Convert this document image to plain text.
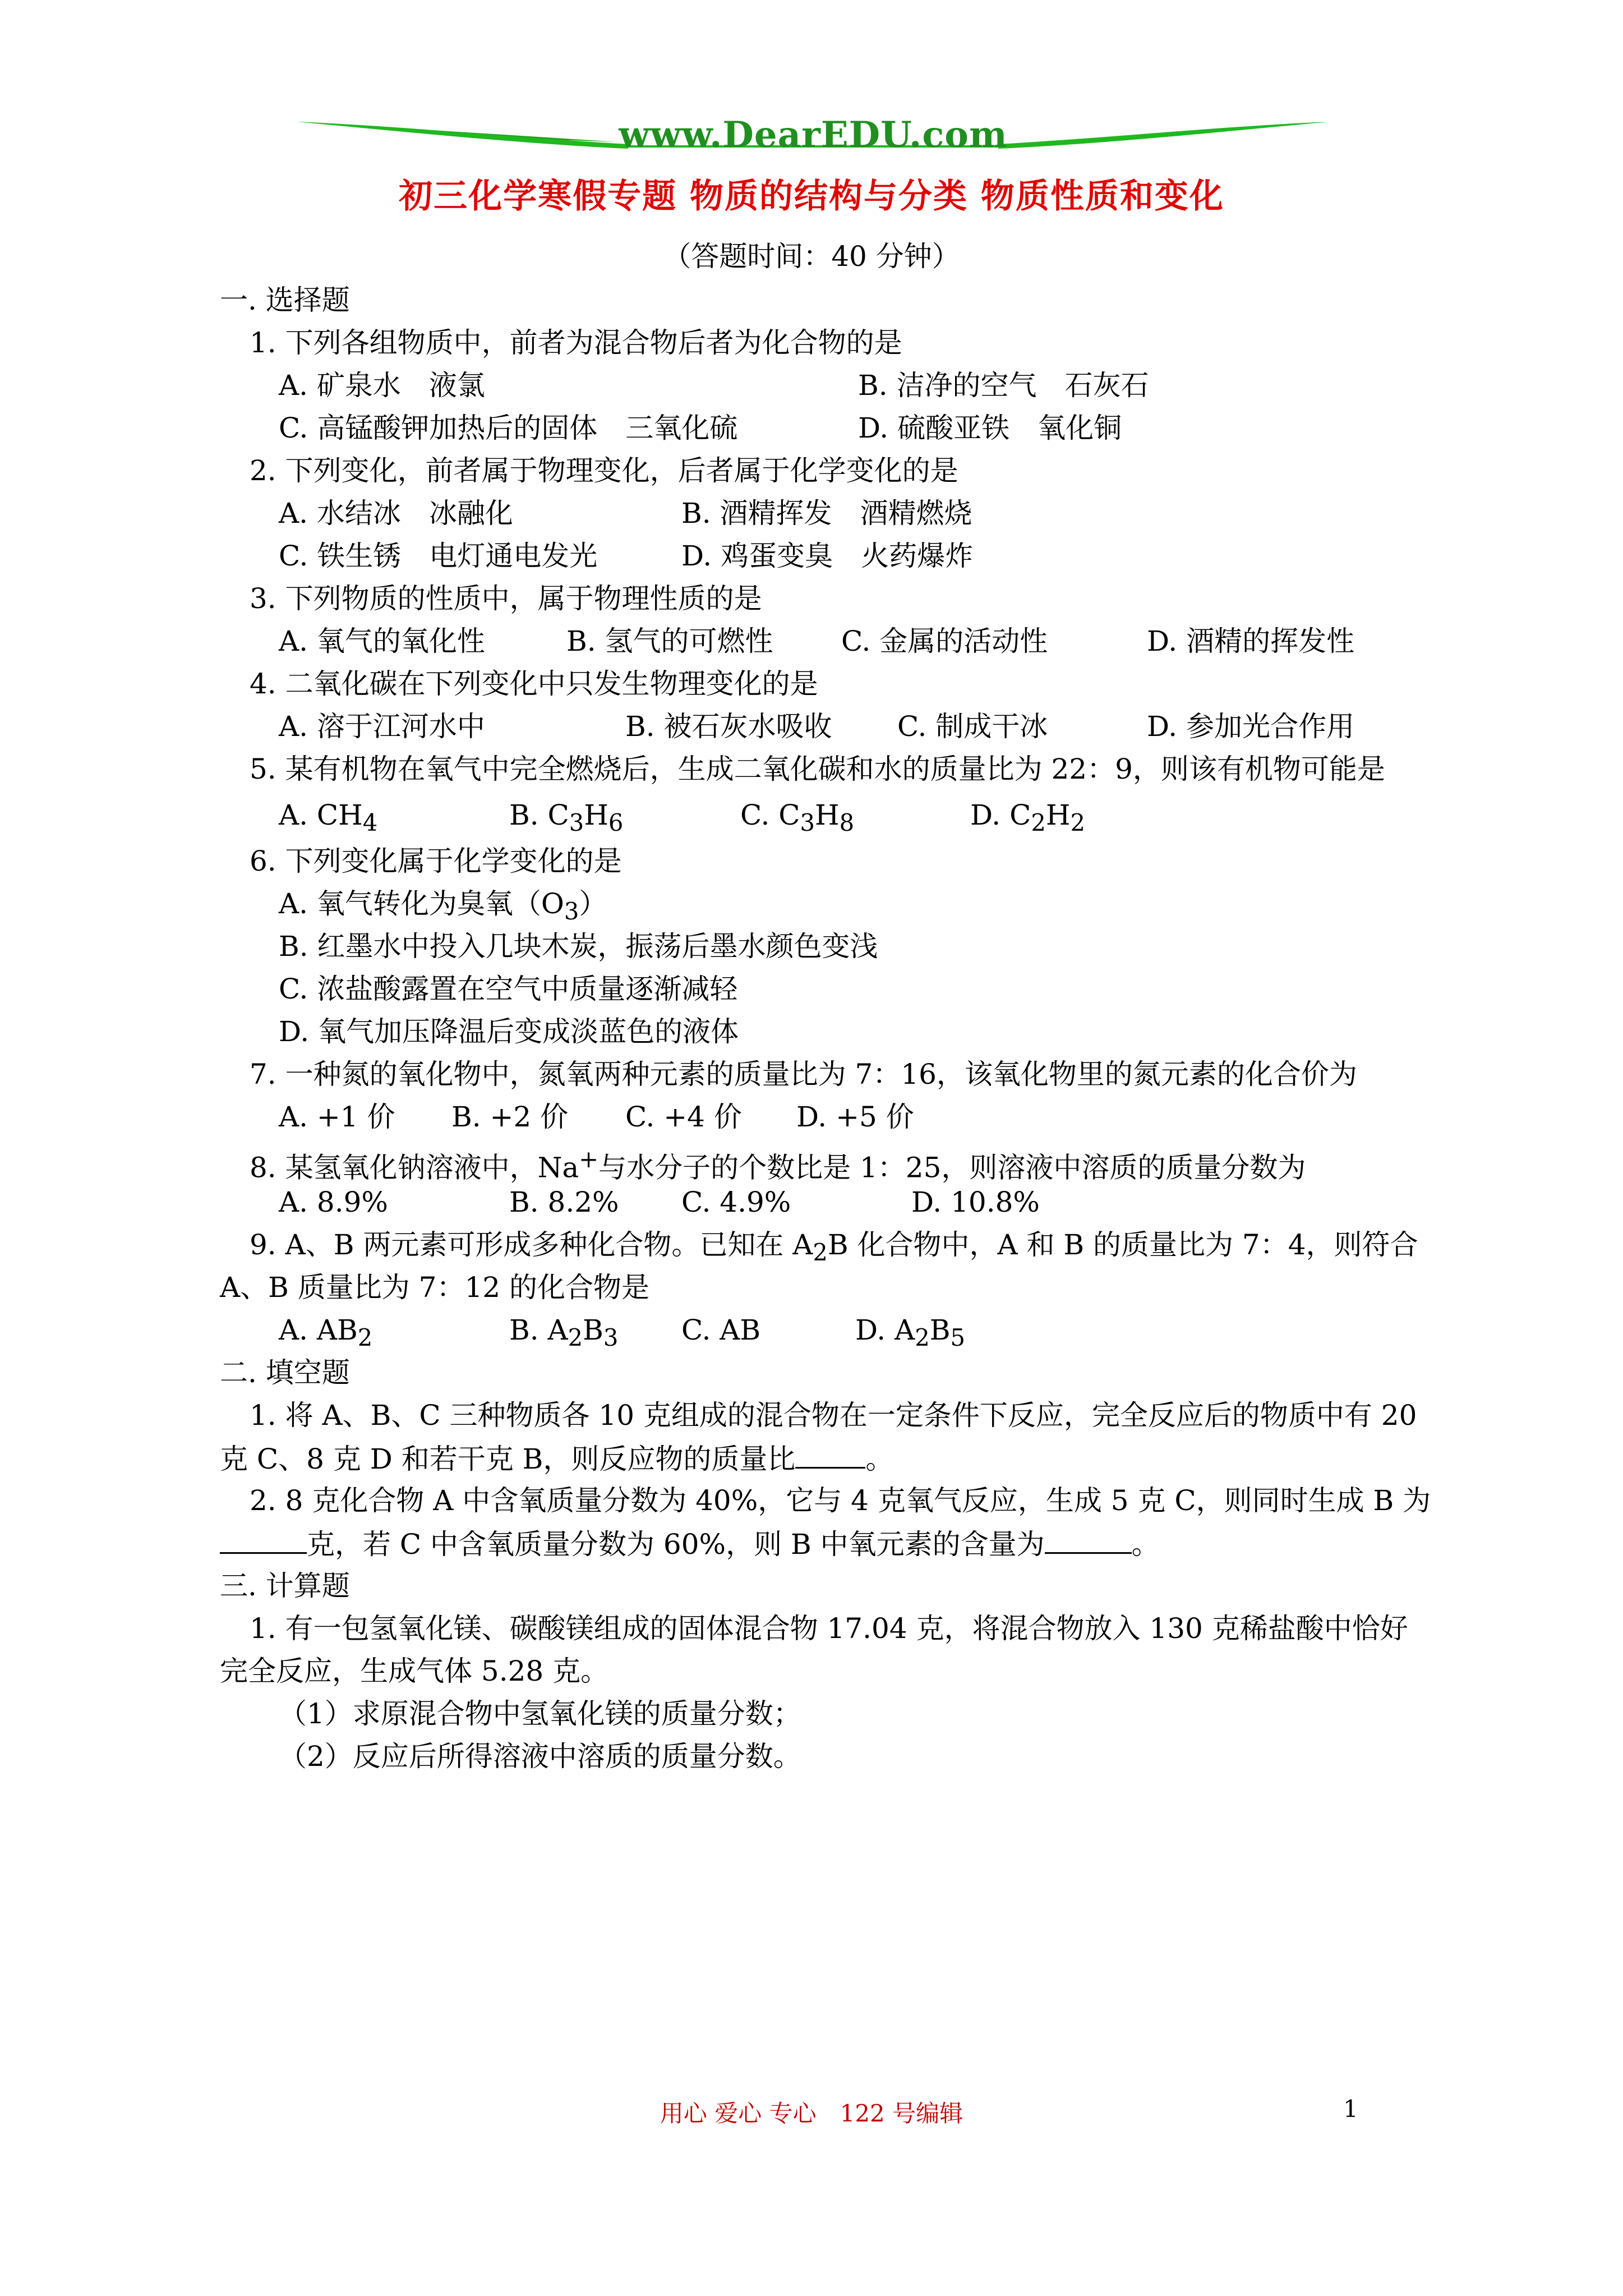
www.DearEDU.com
初三化学寒假专题 物质的结构与分类 物质性质和变化
（答题时间：40 分钟）
一. 选择题
1. 下列各组物质中，前者为混合物后者为化合物的是
A. 矿泉水　液氯	B. 洁净的空气　石灰石
C. 高锰酸钾加热后的固体　三氧化硫	D. 硫酸亚铁　氧化铜
2. 下列变化，前者属于物理变化，后者属于化学变化的是
A. 水结冰　冰融化	B. 酒精挥发　酒精燃烧
C. 铁生锈　电灯通电发光	D. 鸡蛋变臭　火药爆炸
3. 下列物质的性质中，属于物理性质的是
A. 氧气的氧化性	B. 氢气的可燃性 C. 金属的活动性	D. 酒精的挥发性
4. 二氧化碳在下列变化中只发生物理变化的是
A. 溶于江河水中	B. 被石灰水吸收 C. 制成干冰	D. 参加光合作用
5. 某有机物在氧气中完全燃烧后，生成二氧化碳和水的质量比为 22：9，则该有机物可能是
A. $CH_4$	B. $C_3H_6$	C. $C_3H_8$	D. $C_2H_2$
6. 下列变化属于化学变化的是
A. 氧气转化为臭氧$(O_3)$
B. 红墨水中投入几块木炭，振荡后墨水颜色变浅
C. 浓盐酸露置在空气中质量逐渐减轻
D. 氧气加压降温后变成淡蓝色的液体
7. 一种氮的氧化物中，氮氧两种元素的质量比为 7：16，该氧化物里的氮元素的化合价为
A. +1 价 B. +2 价 C. +4 价 D. +5 价
8. 某氢氧化钠溶液中，Na+与水分子的个数比是 1：25，则溶液中溶质的质量分数为
A. 8.9%	B. 8.2% C. 4.9%	D. 10.8%
9. A、B 两元素可形成多种化合物。已知在 $A_2B$ 化合物中，A 和 B 的质量比为 7：4，则符合
A、B 质量比为 7：12 的化合物是
A. $AB_2$	B. $A_2B_3$ C. AB	D. $A_2B_5$
二. 填空题
1. 将 A、B、C 三种物质各 10 克组成的混合物在一定条件下反应，完全反应后的物质中有 20
克 C、8 克 D 和若干克 B，则反应物的质量比	。
2. 8 克化合物 A 中含氧质量分数为 40%，它与 4 克氧气反应，生成 5 克 C，则同时生成 B 为
克，若 C 中含氧质量分数为 60%，则 B 中氧元素的含量为	。
三. 计算题
1. 有一包氢氧化镁、碳酸镁组成的固体混合物 17.04 克，将混合物放入 130 克稀盐酸中恰好
完全反应，生成气体 5.28 克。
（1）求原混合物中氢氧化镁的质量分数；
（2）反应后所得溶液中溶质的质量分数。
用心 爱心 专心　122 号编辑	1
